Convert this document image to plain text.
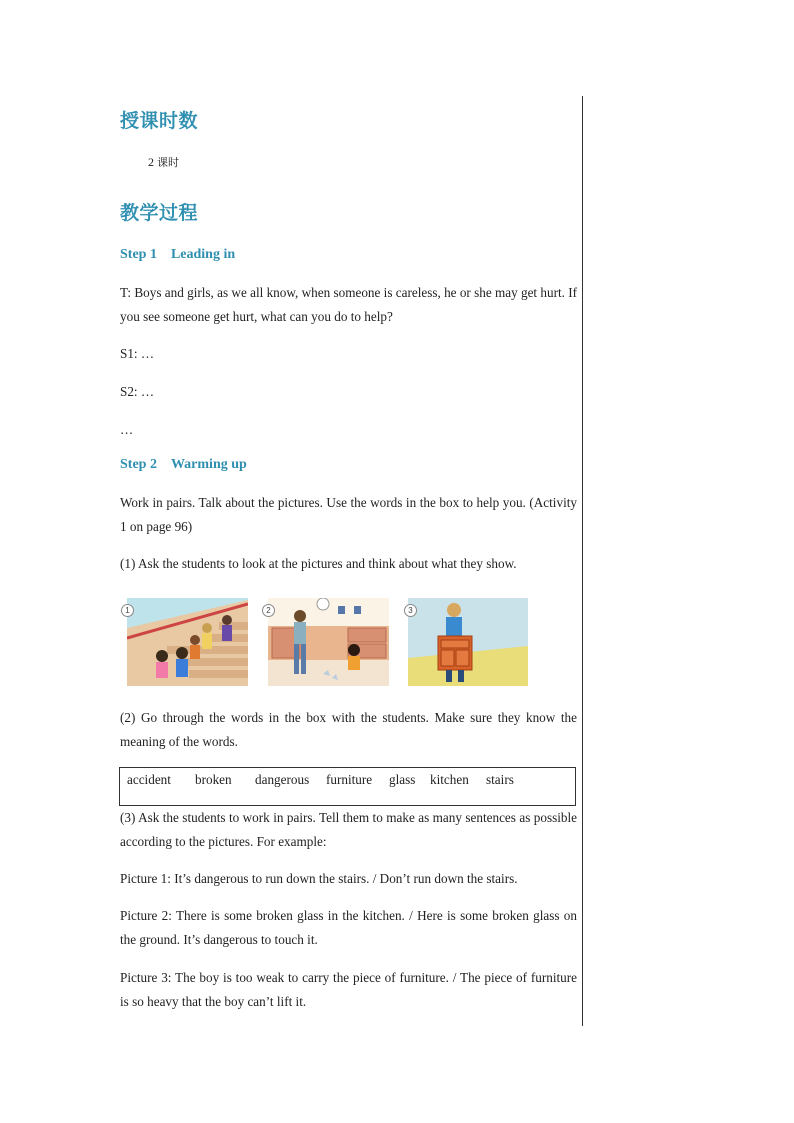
授课时数
2 课时
教学过程
Step 1 Leading in
T: Boys and girls, as we all know, when someone is careless, he or she may get hurt. If you see someone get hurt, what can you do to help?
S1: …
S2: …
…
Step 2 Warming up
Work in pairs. Talk about the pictures. Use the words in the box to help you. (Activity 1 on page 96)
(1) Ask the students to look at the pictures and think about what they show.
1	2	3
(2) Go through the words in the box with the students. Make sure they know the meaning of the words.
accident broken dangerous furniture glass kitchen stairs
(3) Ask the students to work in pairs. Tell them to make as many sentences as possible according to the pictures. For example:
Picture 1: It’s dangerous to run down the stairs. / Don’t run down the stairs.
Picture 2: There is some broken glass in the kitchen. / Here is some broken glass on the ground. It’s dangerous to touch it.
Picture 3: The boy is too weak to carry the piece of furniture. / The piece of furniture is so heavy that the boy can’t lift it.
